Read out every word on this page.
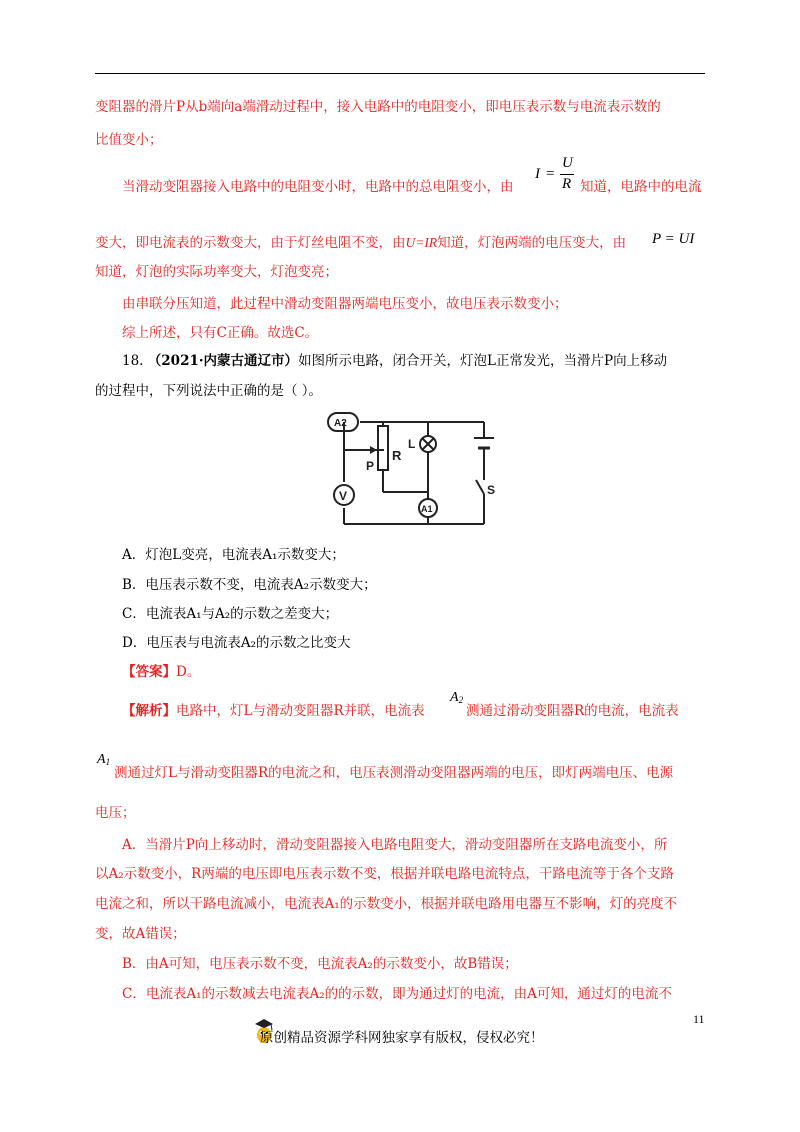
变阻器的滑片P从b端向a端滑动过程中，接入电路中的电阻变小，即电压表示数与电流表示数的
比值变小；
当滑动变阻器接入电路中的电阻变小时，电路中的总电阻变小，由
I =
U
R 知道，电路中的电流
变大，即电流表的示数变大，由于灯丝电阻不变，由U=IR知道，灯泡两端的电压变大，由 P = UI
知道，灯泡的实际功率变大，灯泡变亮；
由串联分压知道，此过程中滑动变阻器两端电压变小，故电压表示数变小；
综上所述，只有C正确。故选C。
18. （2021·内蒙古通辽市）如图所示电路，闭合开关，灯泡L正常发光，当滑片P向上移动
的过程中，下列说法中正确的是（ ）。
A2
A1
V
P
R
L
S
A．灯泡L变亮，电流表A₁示数变大；
B．电压表示数不变，电流表A₂示数变大；
C．电流表A₁与A₂的示数之差变大；
D．电压表与电流表A₂的示数之比变大
【答案】D。
【解析】电路中，灯L与滑动变阻器R并联，电流表
$A_2$
测通过滑动变阻器R的电流，电流表
$A_1$
测通过灯L与滑动变阻器R的电流之和，电压表测滑动变阻器两端的电压，即灯两端电压、电源
电压；
A．当滑片P向上移动时，滑动变阻器接入电路电阻变大，滑动变阻器所在支路电流变小，所
以A₂示数变小，R两端的电压即电压表示数不变，根据并联电路电流特点，干路电流等于各个支路
电流之和，所以干路电流减小，电流表A₁的示数变小，根据并联电路用电器互不影响，灯的亮度不
变，故A错误；
B．由A可知，电压表示数不变，电流表A₂的示数变小，故B错误；
C．电流表A₁的示数减去电流表A₂的的示数，即为通过灯的电流，由A可知，通过灯的电流不
11
原创精品资源学科网独家享有版权，侵权必究！
